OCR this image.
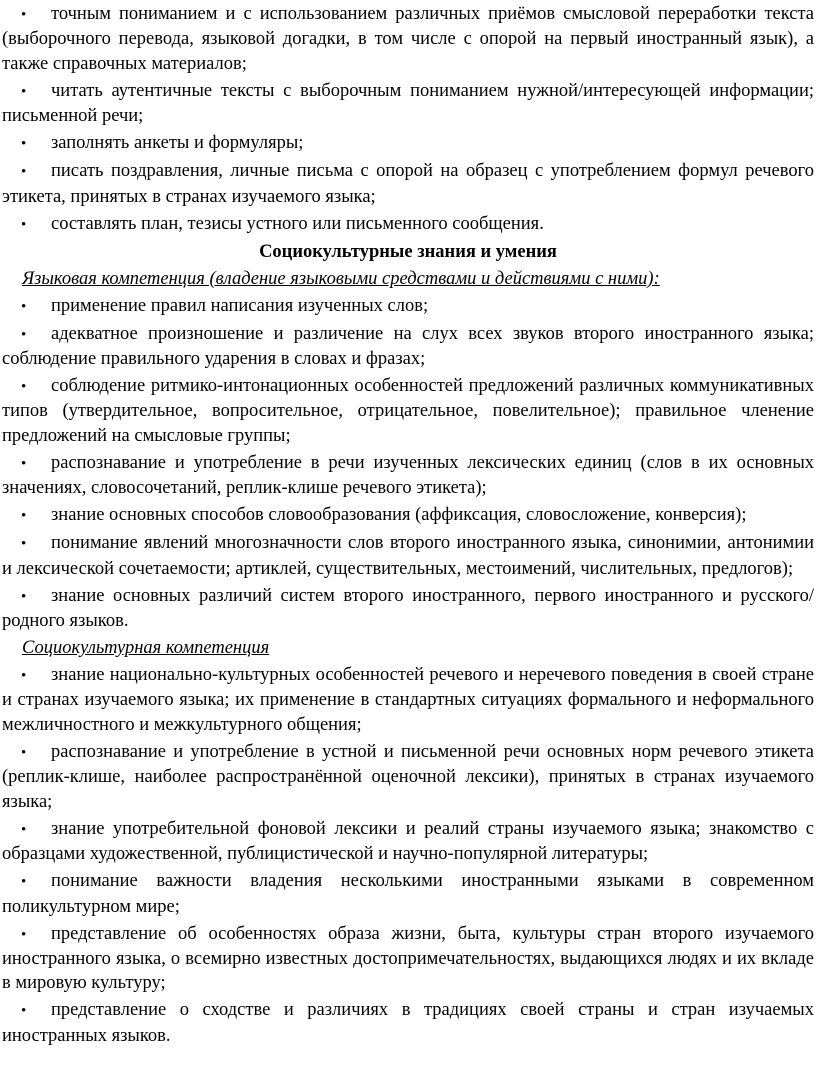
• точным пониманием и с использованием различных приёмов смысловой переработки текста (выборочного перевода, языковой догадки, в том числе с опорой на первый иностранный язык), а также справочных материалов;
• читать аутентичные тексты с выборочным пониманием нужной/интересующей информации; письменной речи;
• заполнять анкеты и формуляры;
• писать поздравления, личные письма с опорой на образец с употреблением формул речевого этикета, принятых в странах изучаемого языка;
• составлять план, тезисы устного или письменного сообщения.
Социокультурные знания и умения
Языковая компетенция (владение языковыми средствами и действиями с ними):
• применение правил написания изученных слов;
• адекватное произношение и различение на слух всех звуков второго иностранного языка; соблюдение правильного ударения в словах и фразах;
• соблюдение ритмико-интонационных особенностей предложений различных коммуникативных типов (утвердительное, вопросительное, отрицательное, повелительное); правильное членение предложений на смысловые группы;
• распознавание и употребление в речи изученных лексических единиц (слов в их основных значениях, словосочетаний, реплик-клише речевого этикета);
• знание основных способов словообразования (аффиксация, словосложение, конверсия);
• понимание явлений многозначности слов второго иностранного языка, синонимии, антонимии и лексической сочетаемости; артиклей, существительных, местоимений, числительных, предлогов);
• знание основных различий систем второго иностранного, первого иностранного и русского/родного языков.
Социокультурная компетенция
• знание национально-культурных особенностей речевого и неречевого поведения в своей стране и странах изучаемого языка; их применение в стандартных ситуациях формального и неформального межличностного и межкультурного общения;
• распознавание и употребление в устной и письменной речи основных норм речевого этикета (реплик-клише, наиболее распространённой оценочной лексики), принятых в странах изучаемого языка;
• знание употребительной фоновой лексики и реалий страны изучаемого языка; знакомство с образцами художественной, публицистической и научно-популярной литературы;
• понимание важности владения несколькими иностранными языками в современном поликультурном мире;
• представление об особенностях образа жизни, быта, культуры стран второго изучаемого иностранного языка, о всемирно известных достопримечательностях, выдающихся людях и их вкладе в мировую культуру;
• представление о сходстве и различиях в традициях своей страны и стран изучаемых иностранных языков.
